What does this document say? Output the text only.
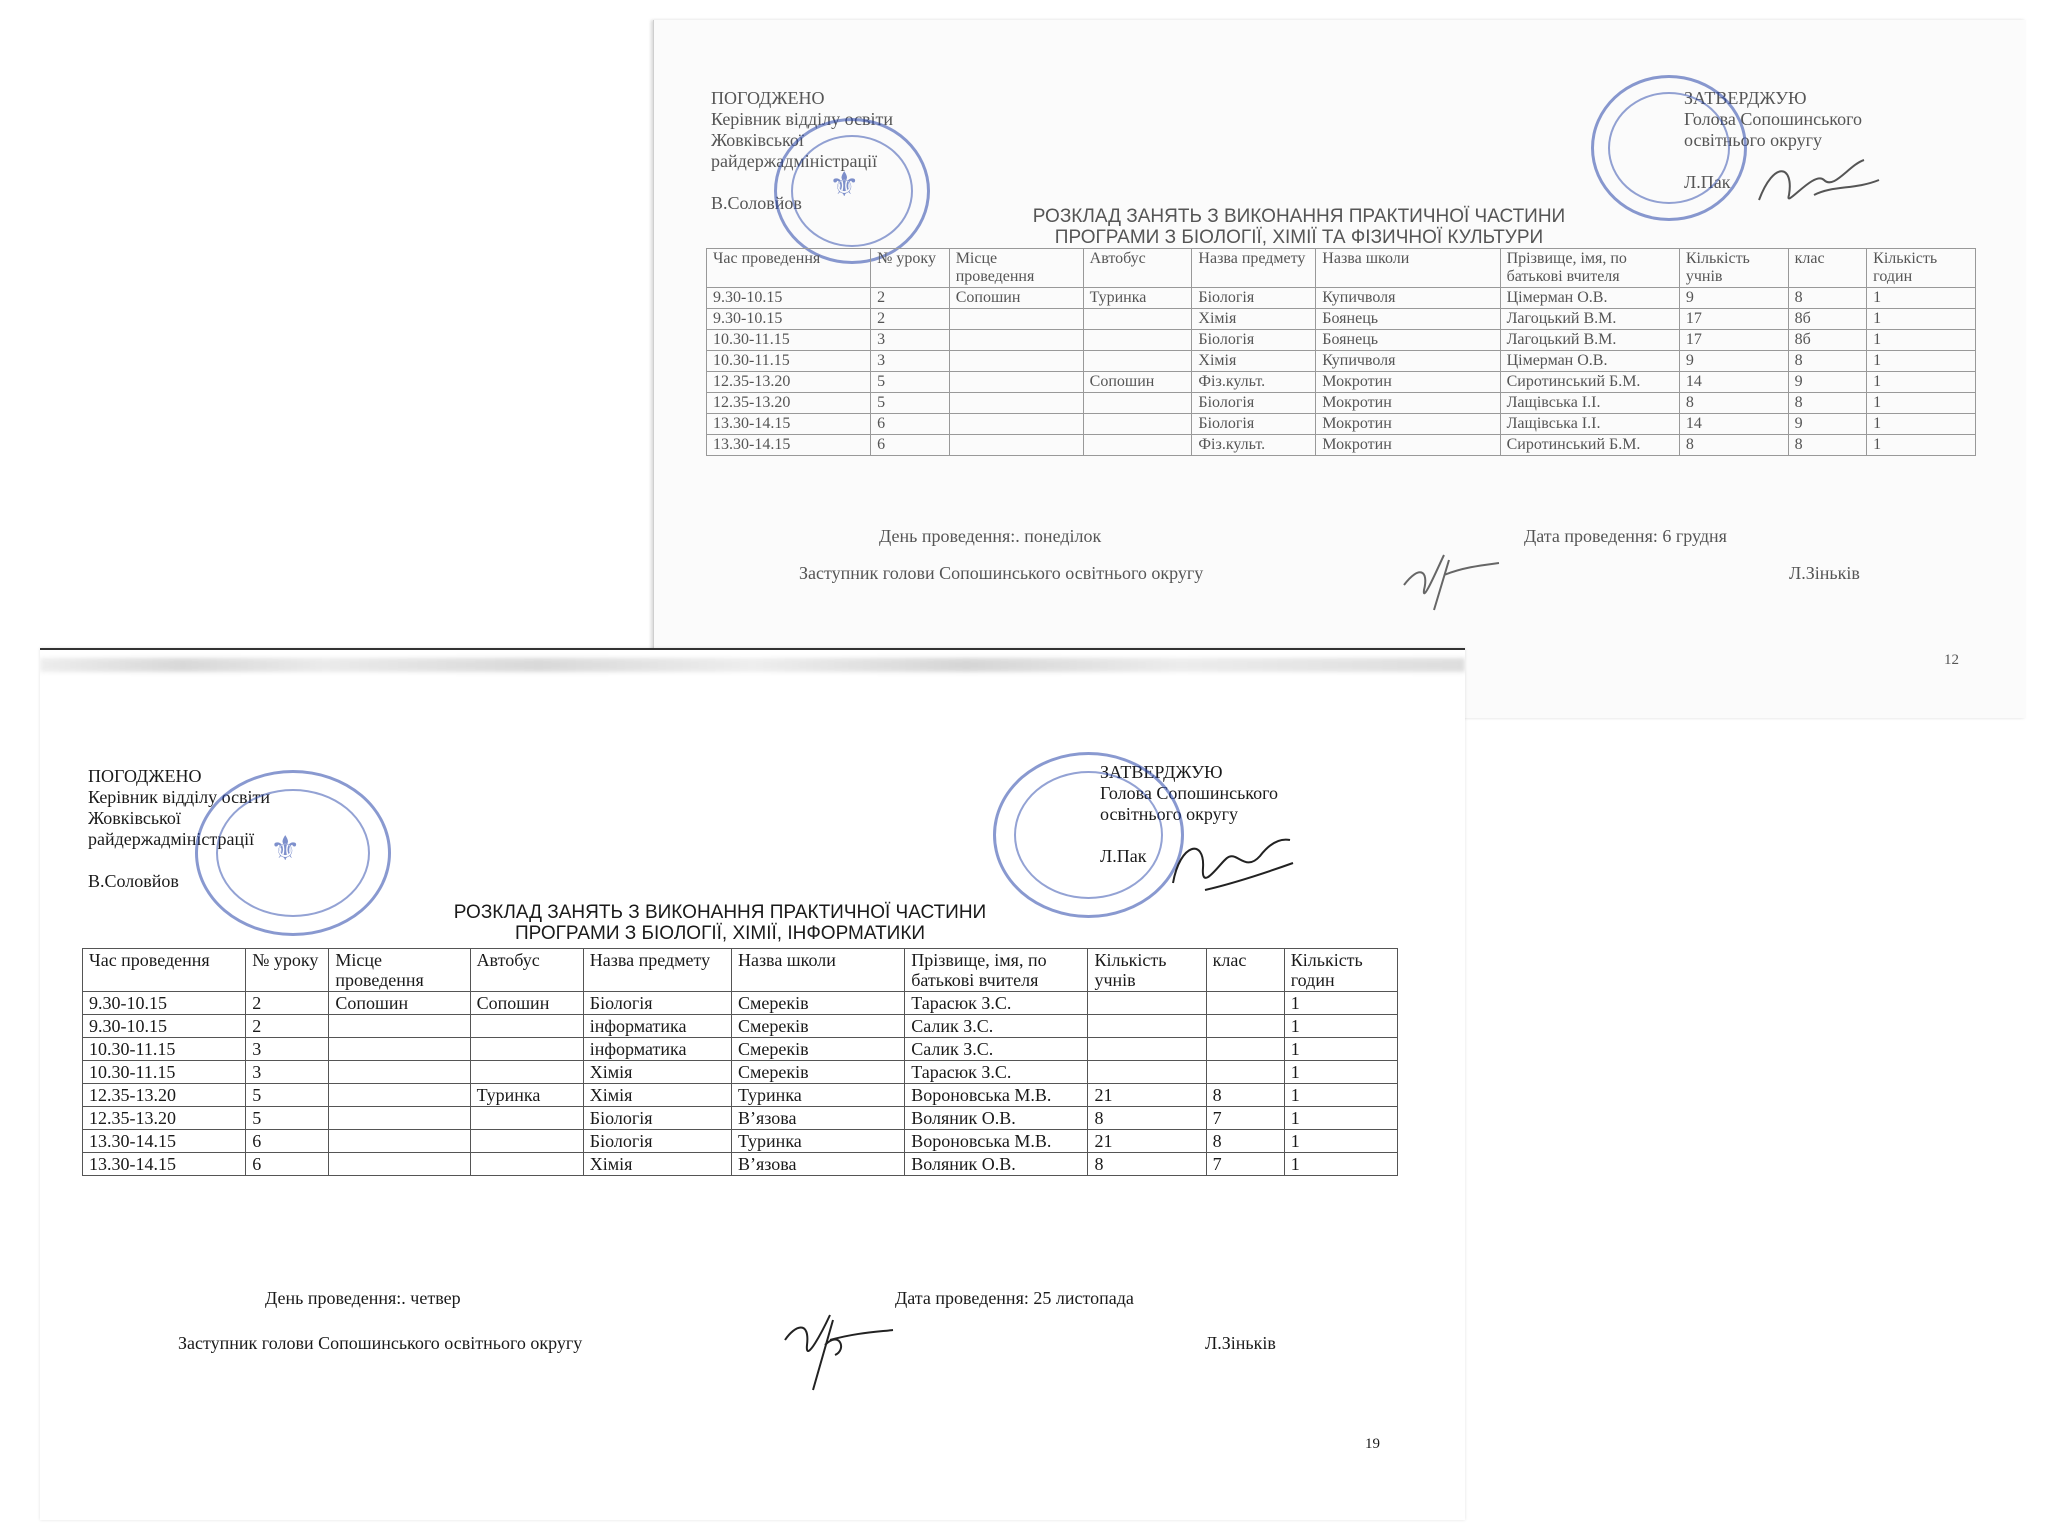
ПОГОДЖЕНО
Керівник відділу освіти
Жовківської
райдержадміністрації
В.Соловйов ⚜
ЗАТВЕРДЖУЮ
Голова Сопошинського
освітнього округу
Л.Пак
РОЗКЛАД ЗАНЯТЬ З ВИКОНАННЯ ПРАКТИЧНОЇ ЧАСТИНИ
ПРОГРАМИ З БІОЛОГІЇ, ХІМІЇ ТА ФІЗИЧНОЇ КУЛЬТУРИ
Час проведення	№ уроку	Місце проведення	Автобус	Назва предмету	Назва школи	Прізвище, імя, по батькові вчителя	Кількість учнів	клас	Кількість годин
9.30-10.15	2	Сопошин	Туринка	Біологія	Купичволя	Цімерман О.В.	9	8	1
9.30-10.15	2			Хімія	Боянець	Лагоцький В.М.	17	8б	1
10.30-11.15	3			Біологія	Боянець	Лагоцький В.М.	17	8б	1
10.30-11.15	3			Хімія	Купичволя	Цімерман О.В.	9	8	1
12.35-13.20	5		Сопошин	Фіз.культ.	Мокротин	Сиротинський Б.М.	14	9	1
12.35-13.20	5			Біологія	Мокротин	Лащівська І.І.	8	8	1
13.30-14.15	6			Біологія	Мокротин	Лащівська І.І.	14	9	1
13.30-14.15	6			Фіз.культ.	Мокротин	Сиротинський Б.М.	8	8	1
День проведення:. понеділок	Дата проведення: 6 грудня
Заступник голови Сопошинського освітнього округу	Л.Зіньків
12
ПОГОДЖЕНО
Керівник відділу освіти
Жовківської
райдержадміністрації
В.Соловйов
⚜
ЗАТВЕРДЖУЮ
Голова Сопошинського
освітнього округу
Л.Пак
РОЗКЛАД ЗАНЯТЬ З ВИКОНАННЯ ПРАКТИЧНОЇ ЧАСТИНИ
ПРОГРАМИ З БІОЛОГІЇ, ХІМІЇ, ІНФОРМАТИКИ
Час проведення	№ уроку	Місце проведення	Автобус	Назва предмету	Назва школи	Прізвище, імя, по батькові вчителя	Кількість учнів	клас	Кількість годин
9.30-10.15	2	Сопошин	Сопошин	Біологія	Смереків	Тарасюк З.С.			1
9.30-10.15	2			інформатика	Смереків	Салик З.С.			1
10.30-11.15	3			інформатика	Смереків	Салик З.С.			1
10.30-11.15	3			Хімія	Смереків	Тарасюк З.С.			1
12.35-13.20	5		Туринка	Хімія	Туринка	Вороновська М.В.	21	8	1
12.35-13.20	5			Біологія	В’язова	Воляник О.В.	8	7	1
13.30-14.15	6			Біологія	Туринка	Вороновська М.В.	21	8	1
13.30-14.15	6			Хімія	В’язова	Воляник О.В.	8	7	1
День проведення:. четвер	Дата проведення: 25 листопада
Заступник голови Сопошинського освітнього округу	Л.Зіньків
19
